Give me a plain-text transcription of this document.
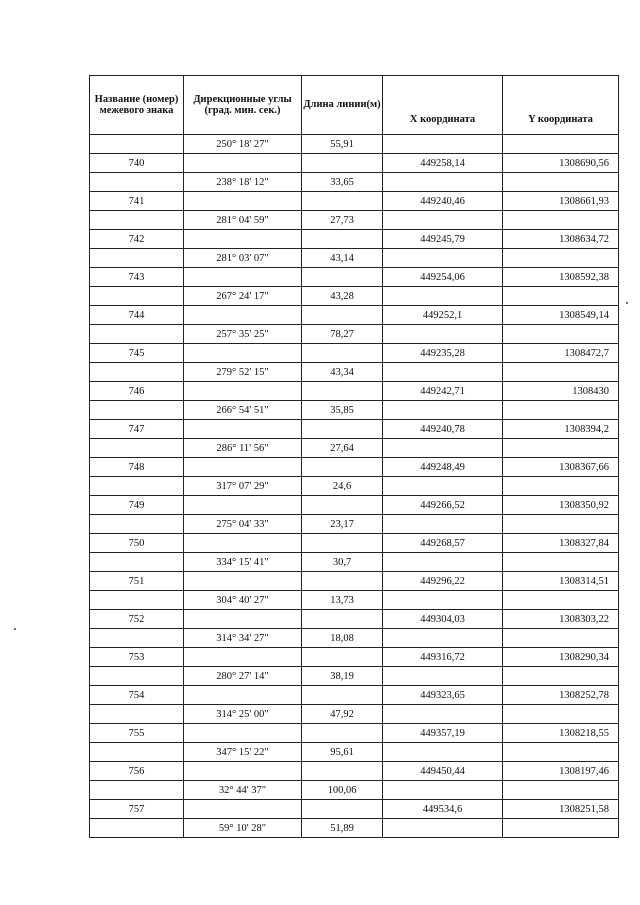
Название (номер) межевого знака	Дирекционные углы (град. мин. сек.)	Длина линии(м)	X координата	Y координата
	250° 18' 27"	55,91		
740			449258,14	1308690,56
	238° 18' 12"	33,65		
741			449240,46	1308661,93
	281° 04' 59"	27,73		
742			449245,79	1308634,72
	281° 03' 07"	43,14		
743			449254,06	1308592,38
	267° 24' 17"	43,28		
744			449252,1	1308549,14
	257° 35' 25"	78,27		
745			449235,28	1308472,7
	279° 52' 15"	43,34		
746			449242,71	1308430
	266° 54' 51"	35,85		
747			449240,78	1308394,2
	286° 11' 56"	27,64		
748			449248,49	1308367,66
	317° 07' 29"	24,6		
749			449266,52	1308350,92
	275° 04' 33"	23,17		
750			449268,57	1308327,84
	334° 15' 41"	30,7		
751			449296,22	1308314,51
	304° 40' 27"	13,73		
752			449304,03	1308303,22
	314° 34' 27"	18,08		
753			449316,72	1308290,34
	280° 27' 14"	38,19		
754			449323,65	1308252,78
	314° 25' 00"	47,92		
755			449357,19	1308218,55
	347° 15' 22"	95,61		
756			449450,44	1308197,46
	32° 44' 37"	100,06		
757			449534,6	1308251,58
	59° 10' 28"	51,89		
